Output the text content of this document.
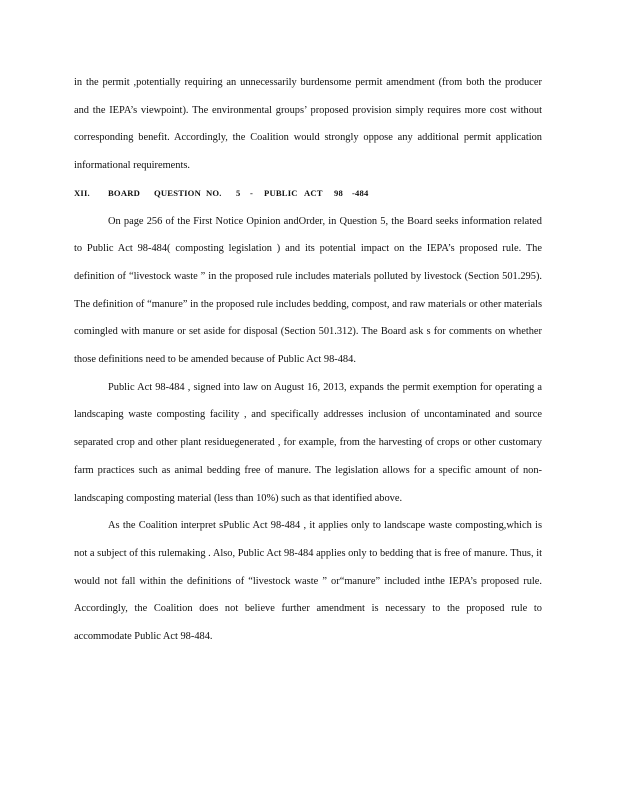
in the permit ,potentially requiring an unnecessarily burdensome permit amendment (from both the producer and the IEPA’s viewpoint). The environmental groups’ proposed provision simply requires more cost without corresponding benefit. Accordingly, the Coalition would strongly oppose any additional permit application informational requirements.

XII. BOARD QUESTION NO. 5 - PUBLIC ACT 98 -484

On page 256 of the First Notice Opinion andOrder, in Question 5, the Board seeks information related to Public Act 98-484( composting legislation ) and its potential impact on the IEPA’s proposed rule. The definition of “livestock waste ” in the proposed rule includes materials polluted by livestock (Section 501.295). The definition of “manure” in the proposed rule includes bedding, compost, and raw materials or other materials comingled with manure or set aside for disposal (Section 501.312). The Board ask s for comments on whether those definitions need to be amended because of Public Act 98-484.

Public Act 98-484 , signed into law on August 16, 2013, expands the permit exemption for operating a landscaping waste composting facility , and specifically addresses inclusion of uncontaminated and source separated crop and other plant residuegenerated , for example, from the harvesting of crops or other customary farm practices such as animal bedding free of manure. The legislation allows for a specific amount of non-landscaping composting material (less than 10%) such as that identified above.

As the Coalition interpret sPublic Act 98-484 , it applies only to landscape waste composting,which is not a subject of this rulemaking . Also, Public Act 98-484 applies only to bedding that is free of manure. Thus, it would not fall within the definitions of “livestock waste ” or“manure” included inthe IEPA’s proposed rule. Accordingly, the Coalition does not believe further amendment is necessary to the proposed rule to accommodate Public Act 98-484.
